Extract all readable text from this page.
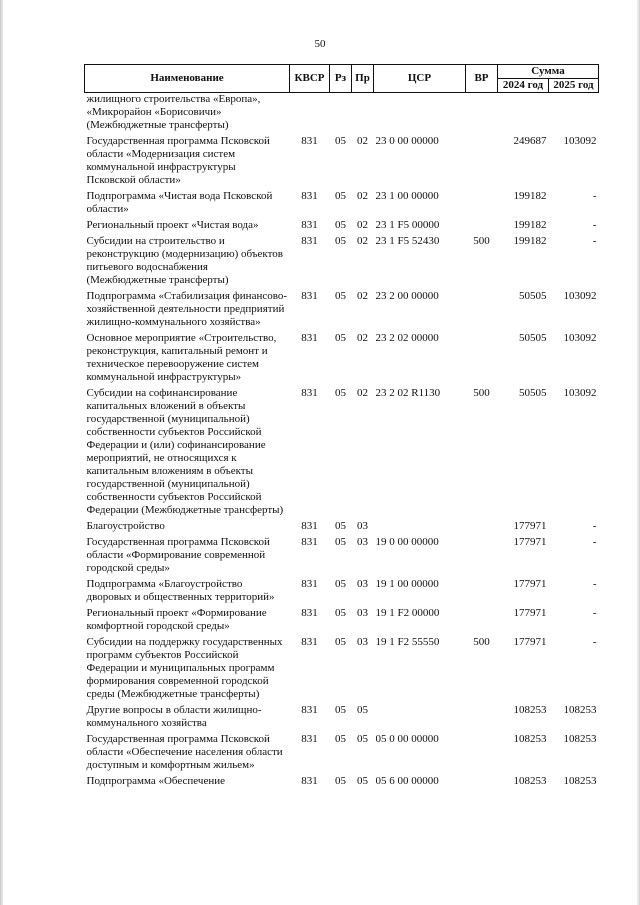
50
Наименование	КВСР	Рз	Пр	ЦСР	ВР	Сумма	
						2024 год	2025 год
жилищного строительства «Европа», «Микрорайон «Борисовичи» (Межбюджетные трансферты)							
Государственная программа Псковской области «Модернизация систем коммунальной инфраструктуры Псковской области»	831	05	02	23 0 00 00000		249687	103092
Подпрограмма «Чистая вода Псковской области»	831	05	02	23 1 00 00000		199182	-
Региональный проект «Чистая вода»	831	05	02	23 1 F5 00000		199182	-
Субсидии на строительство и реконструкцию (модернизацию) объектов питьевого водоснабжения (Межбюджетные трансферты)	831	05	02	23 1 F5 52430	500	199182	-
Подпрограмма «Стабилизация финансово-хозяйственной деятельности предприятий жилищно-коммунального хозяйства»	831	05	02	23 2 00 00000		50505	103092
Основное мероприятие «Строительство, реконструкция, капитальный ремонт и техническое перевооружение систем коммунальной инфраструктуры»	831	05	02	23 2 02 00000		50505	103092
Субсидии на софинансирование капитальных вложений в объекты государственной (муниципальной) собственности субъектов Российской Федерации и (или) софинансирование мероприятий, не относящихся к капитальным вложениям в объекты государственной (муниципальной) собственности субъектов Российской Федерации (Межбюджетные трансферты)	831	05	02	23 2 02 R1130	500	50505	103092
Благоустройство	831	05	03			177971	-
Государственная программа Псковской области «Формирование современной городской среды»	831	05	03	19 0 00 00000		177971	-
Подпрограмма «Благоустройство дворовых и общественных территорий»	831	05	03	19 1 00 00000		177971	-
Региональный проект «Формирование комфортной городской среды»	831	05	03	19 1 F2 00000		177971	-
Субсидии на поддержку государственных программ субъектов Российской Федерации и муниципальных программ формирования современной городской среды (Межбюджетные трансферты)	831	05	03	19 1 F2 55550	500	177971	-
Другие вопросы в области жилищно-коммунального хозяйства	831	05	05			108253	108253
Государственная программа Псковской области «Обеспечение населения области доступным и комфортным жильем»	831	05	05	05 0 00 00000		108253	108253
Подпрограмма «Обеспечение	831	05	05	05 6 00 00000		108253	108253
